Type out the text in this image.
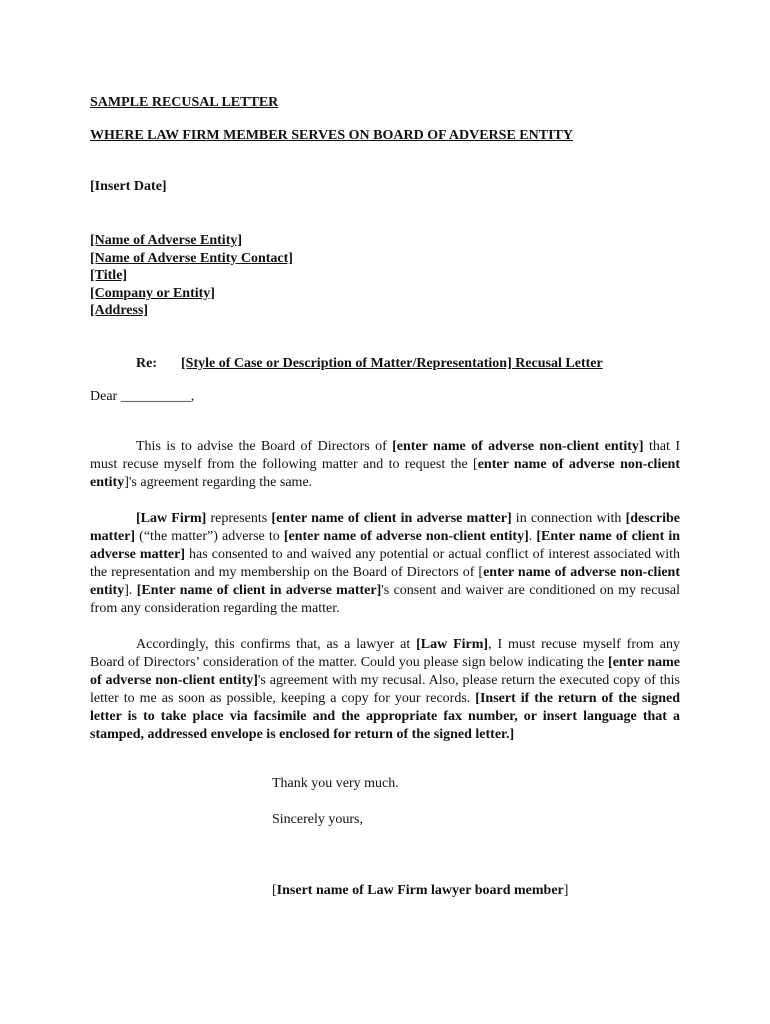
SAMPLE RECUSAL LETTER
WHERE LAW FIRM MEMBER SERVES ON BOARD OF ADVERSE ENTITY
[Insert Date]
[Name of Adverse Entity]
[Name of Adverse Entity Contact]
[Title]
[Company or Entity]
[Address]
Re: [Style of Case or Description of Matter/Representation] Recusal Letter
Dear __________,
This is to advise the Board of Directors of [enter name of adverse non-client entity] that I must recuse myself from the following matter and to request the [enter name of adverse non-client entity]'s agreement regarding the same.
[Law Firm] represents [enter name of client in adverse matter] in connection with [describe matter] (“the matter”) adverse to [enter name of adverse non-client entity]. [Enter name of client in adverse matter] has consented to and waived any potential or actual conflict of interest associated with the representation and my membership on the Board of Directors of [enter name of adverse non-client entity]. [Enter name of client in adverse matter]'s consent and waiver are conditioned on my recusal from any consideration regarding the matter.
Accordingly, this confirms that, as a lawyer at [Law Firm], I must recuse myself from any Board of Directors’ consideration of the matter. Could you please sign below indicating the [enter name of adverse non-client entity]'s agreement with my recusal. Also, please return the executed copy of this letter to me as soon as possible, keeping a copy for your records. [Insert if the return of the signed letter is to take place via facsimile and the appropriate fax number, or insert language that a stamped, addressed envelope is enclosed for return of the signed letter.]
Thank you very much.
Sincerely yours,
[Insert name of Law Firm lawyer board member]
